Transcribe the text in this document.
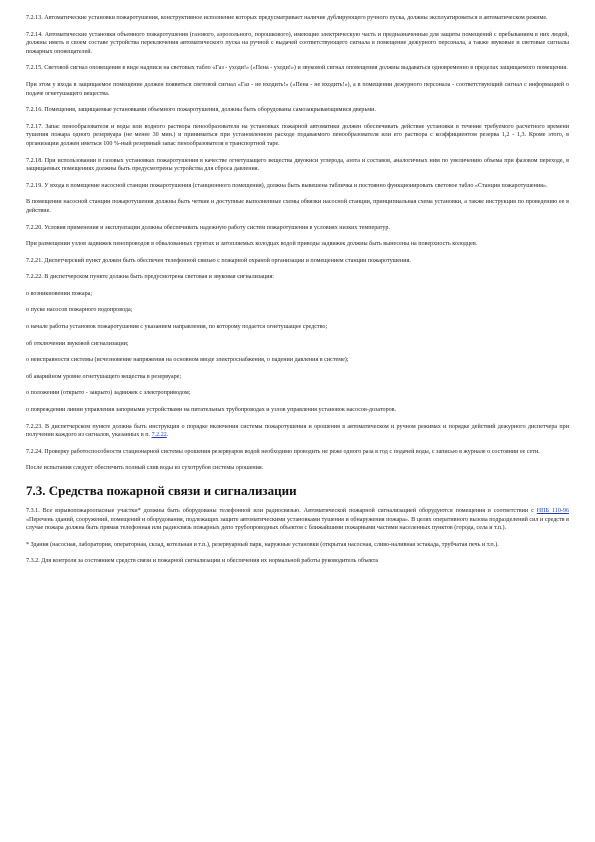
7.2.13. Автоматические установки пожаротушения, конструктивное исполнение которых предусматривает наличие дублирующего ручного пуска, должны эксплуатироваться в автоматическом режиме.

7.2.14. Автоматические установки объемного пожаротушения (газового, аэрозольного, порошкового), имеющие электрическую часть и предназначенные для защиты помещений с пребыванием в них людей, должны иметь в своем составе устройства переключения автоматического пуска на ручной с выдачей соответствующего сигнала в помещение дежурного персонала, а также звуковые и световые сигналы пожарных оповещателей.

7.2.15. Световой сигнал оповещения в виде надписи на световых табло «Газ - уходи!» («Пена - уходи!») и звуковой сигнал оповещения должны выдаваться одновременно в пределах защищаемого помещения.

При этом у входа в защищаемое помещение должен появиться световой сигнал «Газ - не входить!» («Пена - не входить!»), а в помещении дежурного персонала - соответствующий сигнал с информацией о подаче огнетушащего вещества.

7.2.16. Помещения, защищаемые установками объемного пожаротушения, должны быть оборудованы самозакрывающимися дверьми.

7.2.17. Запас пенообразователя и воды или водного раствора пенообразователя на установках пожарной автоматики должен обеспечивать действие установки в течение требуемого расчетного времени тушения пожара одного резервуара (не менее 30 мин.) и приниматься при установленном расходе подаваемого пенообразователя или его раствора с коэффициентом резерва 1,2 - 1,3. Кроме этого, в организации должен иметься 100 %-ный резервный запас пенообразователя в транспортной таре.

7.2.18. При использовании в газовых установках пожаротушения в качестве огнетушащего вещества двуокиси углерода, азота и составов, аналогичных ним по увеличению объема при фазовом переходе, в защищаемых помещениях должны быть предусмотрены устройства для сброса давления.

7.2.19. У входа в помещение насосной станции пожаротушения (станционного помещения), должна быть вывешена табличка и постоянно функционировать световое табло «Станция пожаротушения».

В помещении насосной станции пожаротушения должны быть четкие и доступные выполненные схемы обвязки насосной станции, принципиальная схема установки, а также инструкция по проведению ее в действие.

7.2.20. Условия применения и эксплуатации должны обеспечивать надежную работу систем пожаротушения в условиях низких температур.

При размещении узлов задвижек пенопроводов в обвалованных грунтах и затопляемых колодцах водой приводы задвижек должны быть вынесены на поверхность колодцев.

7.2.21. Диспетчерский пункт должен быть обеспечен телефонной связью с пожарной охраной организации и помещением станции пожаротушения.

7.2.22. В диспетчерском пункте должна быть предусмотрена световая и звуковая сигнализация:

о возникновении пожара;

о пуске насосов пожарного водопровода;

о начале работы установок пожаротушения с указанием направления, по которому подается огнетушащее средство;

об отключении звуковой сигнализации;

о неисправности системы (исчезновение напряжения на основном вводе электроснабжения, о падении давления в системе);

об аварийном уровне огнетушащего вещества в резервуаре;

о положении (открыто - закрыто) задвижек с электроприводом;

о повреждении линии управления запорными устройствами на питательных трубопроводах и узлов управления установок насосов-дозаторов.

7.2.23. В диспетчерском пункте должна быть инструкция о порядке включения системы пожаротушения и орошения в автоматическом и ручном режимах и порядке действий дежурного диспетчера при получении каждого из сигналов, указанных в п. 7.2.22.

7.2.24. Проверку работоспособности стационарной системы орошения резервуаров водой необходимо проводить не реже одного раза в год с подачей воды, с записью в журнале о состоянии ее сети.

После испытания следует обеспечить полный слив воды из сухотрубов системы орошения.

7.3. Средства пожарной связи и сигнализации

7.3.1. Все взрывопожароопасные участки* должны быть оборудованы телефонной или радиосвязью. Автоматической пожарной сигнализацией оборудуются помещения в соответствии с НПБ 110-96 «Перечень зданий, сооружений, помещений и оборудования, подлежащих защите автоматическими установками тушения и обнаружения пожара». В целях оперативного вызова подразделений сил и средств в случае пожара должна быть прямая телефонная или радиосвязь пожарных депо трубопроводных объектов с ближайшими пожарными частями населенных пунктов (города, села и т.п.).

* Здания (насосная, лаборатория, операторная, склад, котельная и т.п.), резервуарный парк, наружные установки (открытая насосная, сливо-наливная эстакада, трубчатая печь и т.п.).

7.3.2. Для контроля за состоянием средств связи и пожарной сигнализации и обеспечения их нормальной работы руководитель объекта
